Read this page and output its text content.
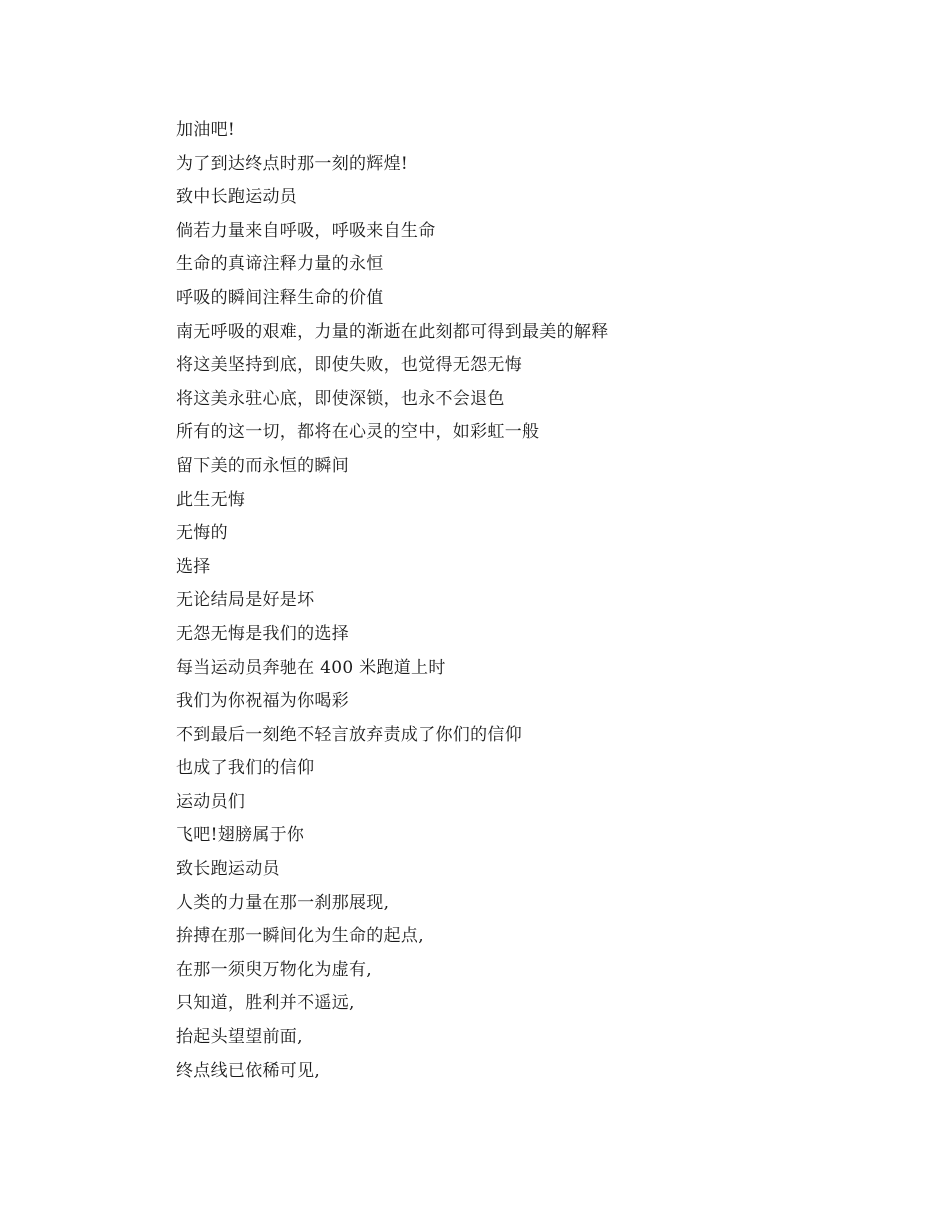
加油吧!
为了到达终点时那一刻的辉煌!
致中长跑运动员
倘若力量来自呼吸，呼吸来自生命
生命的真谛注释力量的永恒
呼吸的瞬间注释生命的价值
南无呼吸的艰难，力量的渐逝在此刻都可得到最美的解释
将这美坚持到底，即使失败，也觉得无怨无悔
将这美永驻心底，即使深锁，也永不会退色
所有的这一切，都将在心灵的空中，如彩虹一般
留下美的而永恒的瞬间
此生无悔
无悔的
选择
无论结局是好是坏
无怨无悔是我们的选择
每当运动员奔驰在 400 米跑道上时
我们为你祝福为你喝彩
不到最后一刻绝不轻言放弃责成了你们的信仰
也成了我们的信仰
运动员们
飞吧!翅膀属于你
致长跑运动员
人类的力量在那一刹那展现,
拚搏在那一瞬间化为生命的起点,
在那一须臾万物化为虚有,
只知道，胜利并不遥远,
抬起头望望前面,
终点线已依稀可见,
